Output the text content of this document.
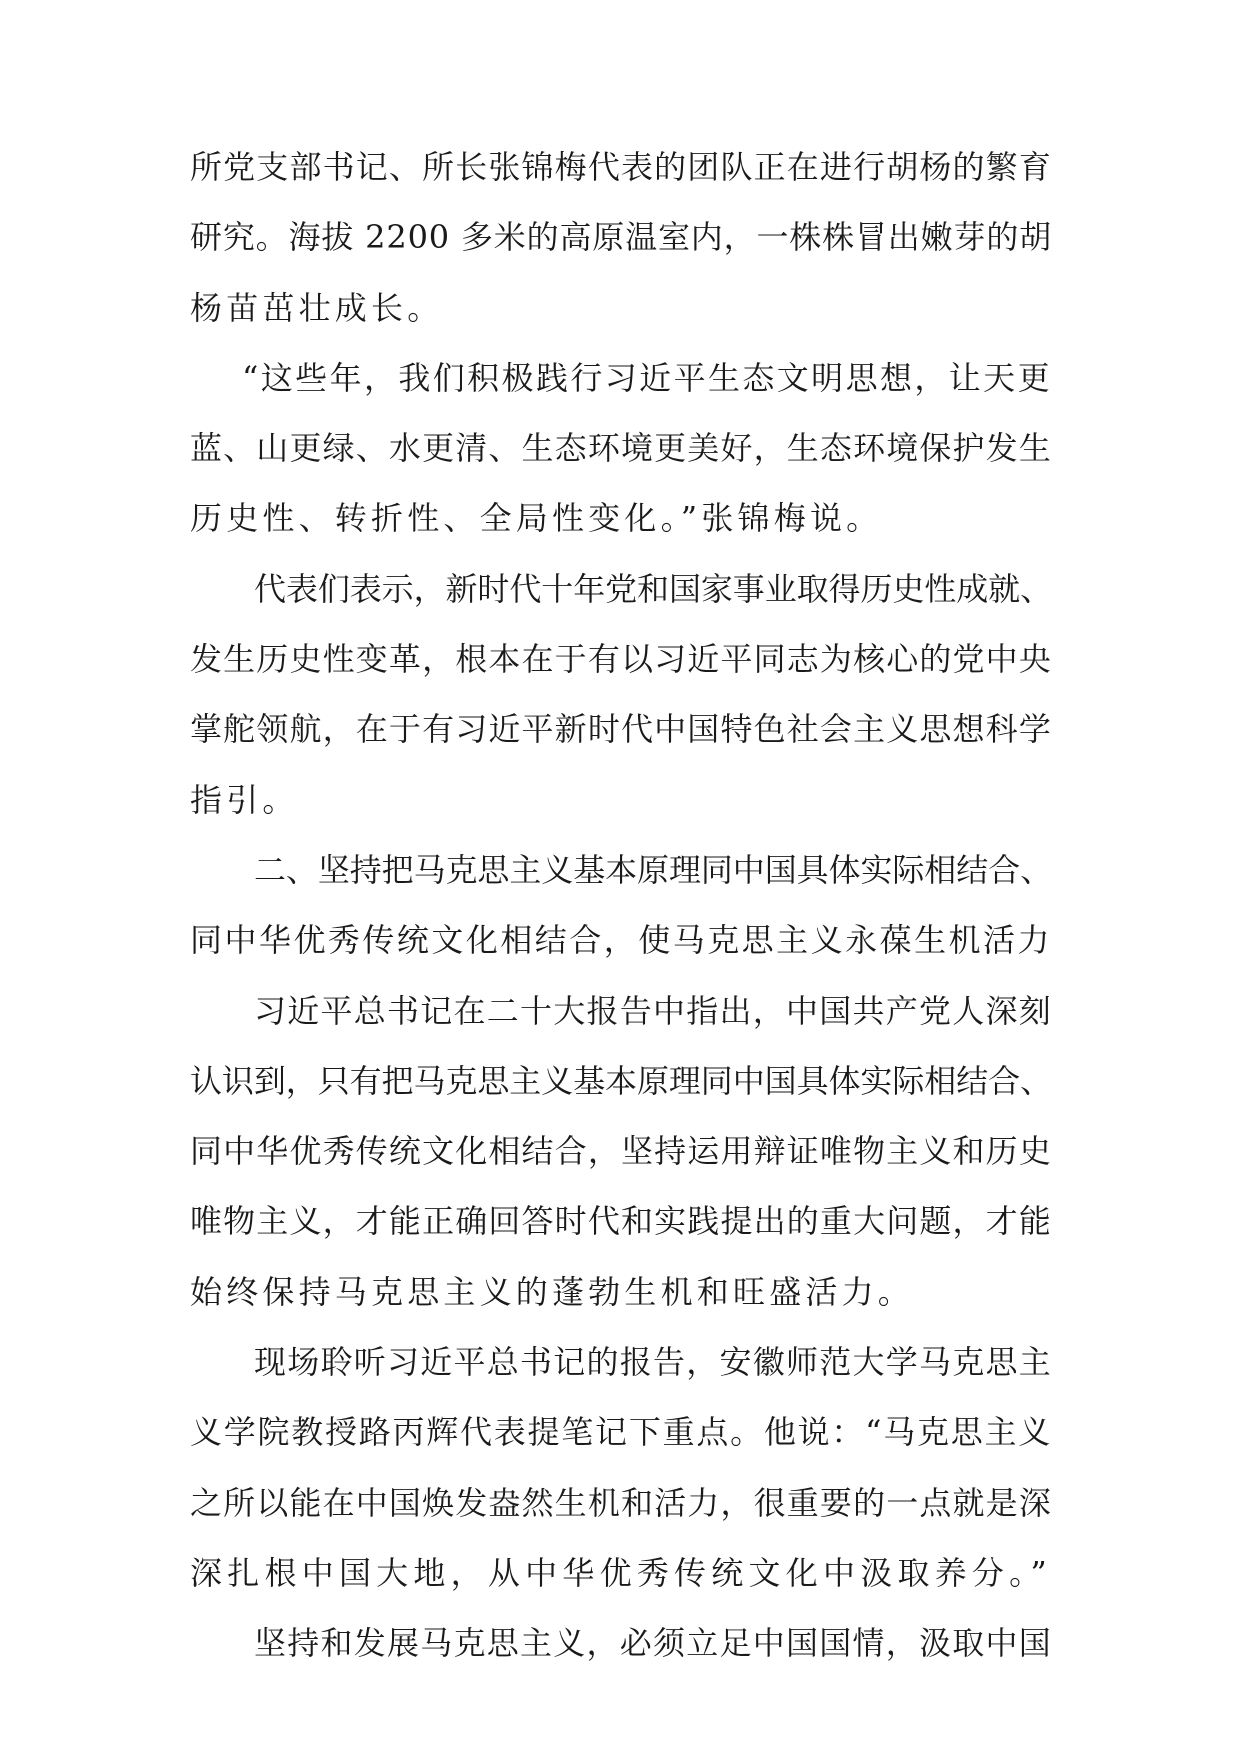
所党支部书记、所长张锦梅代表的团队正在进行胡杨的繁育
研究。海拔 2200 多米的高原温室内，一株株冒出嫩芽的胡
杨苗茁壮成长。
“这些年，我们积极践行习近平生态文明思想，让天更
蓝、山更绿、水更清、生态环境更美好，生态环境保护发生
历史性、转折性、全局性变化。”张锦梅说。
代表们表示，新时代十年党和国家事业取得历史性成就、
发生历史性变革，根本在于有以习近平同志为核心的党中央
掌舵领航，在于有习近平新时代中国特色社会主义思想科学
指引。
二、坚持把马克思主义基本原理同中国具体实际相结合、
同中华优秀传统文化相结合，使马克思主义永葆生机活力
习近平总书记在二十大报告中指出，中国共产党人深刻
认识到，只有把马克思主义基本原理同中国具体实际相结合、
同中华优秀传统文化相结合，坚持运用辩证唯物主义和历史
唯物主义，才能正确回答时代和实践提出的重大问题，才能
始终保持马克思主义的蓬勃生机和旺盛活力。
现场聆听习近平总书记的报告，安徽师范大学马克思主
义学院教授路丙辉代表提笔记下重点。他说：“马克思主义
之所以能在中国焕发盎然生机和活力，很重要的一点就是深
深扎根中国大地，从中华优秀传统文化中汲取养分。”
坚持和发展马克思主义，必须立足中国国情，汲取中国
